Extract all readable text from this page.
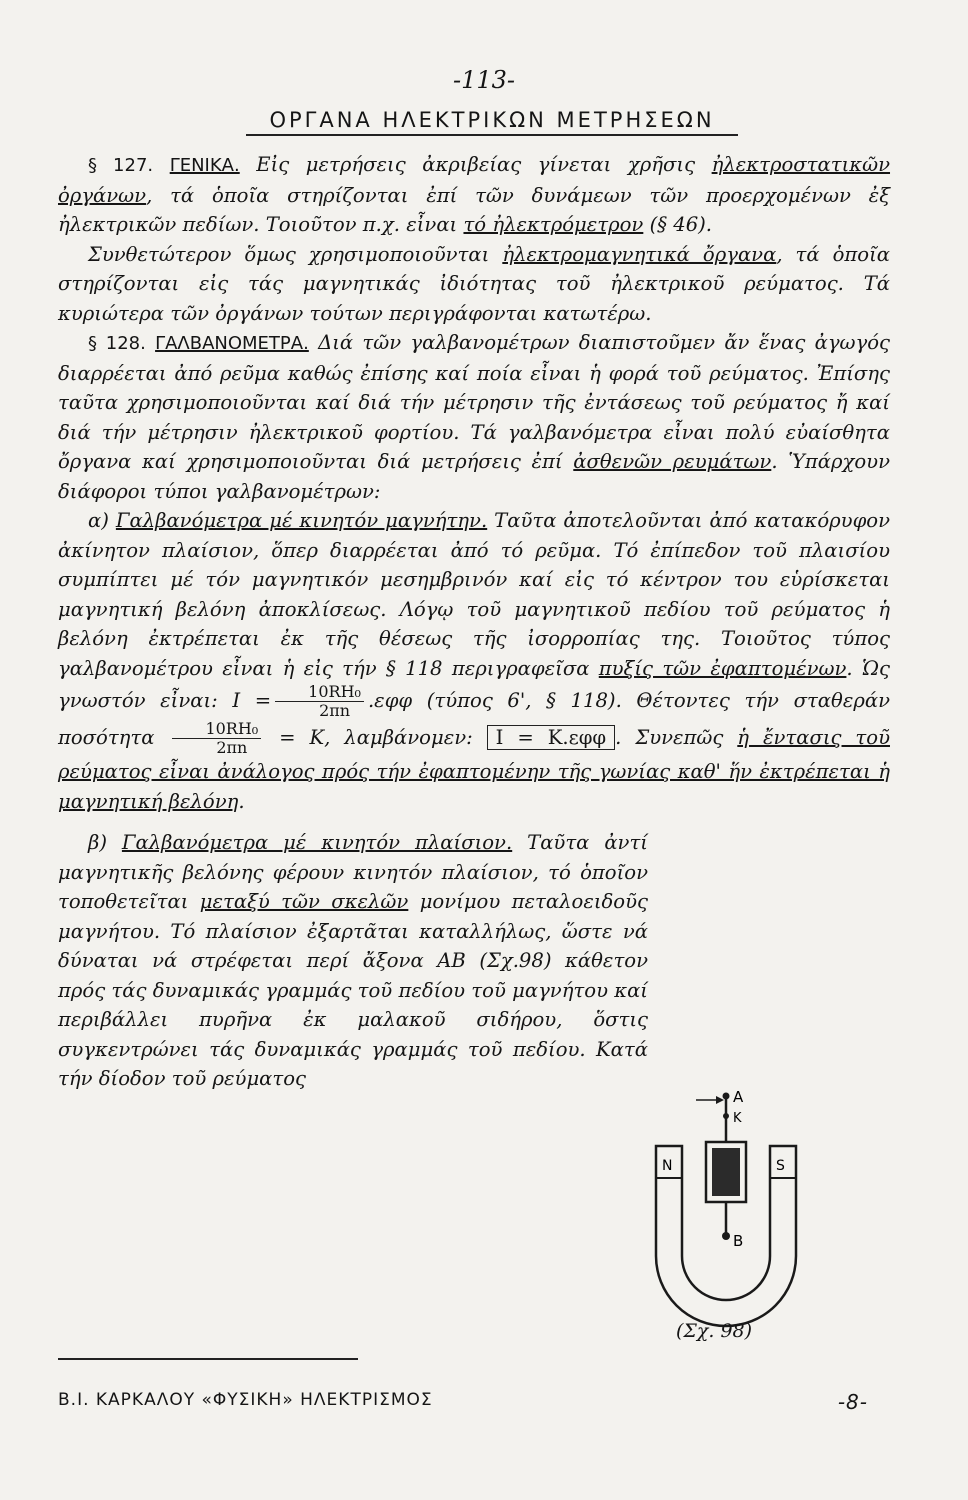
-113-
ΟΡΓΑΝΑ ΗΛΕΚΤΡΙΚΩΝ ΜΕΤΡΗΣΕΩΝ

§ 127. ΓΕΝΙΚΑ. Εἰς μετρήσεις ἀκριβείας γίνεται χρῆσις ἠλεκτροστατικῶν ὀργάνων, τά ὁποῖα στηρίζονται ἐπί τῶν δυνάμεων τῶν προερχομένων ἐξ ἠλεκτρικῶν πεδίων. Τοιοῦτον π.χ. εἶναι τό ἠλεκτρόμετρον (§ 46).

Συνθετώτερον ὅμως χρησιμοποιοῦνται ἠλεκτρομαγνητικά ὄργανα, τά ὁποῖα στηρίζονται εἰς τάς μαγνητικάς ἰδιότητας τοῦ ἠλεκτρικοῦ ρεύματος. Τά κυριώτερα τῶν ὀργάνων τούτων περιγράφονται κατωτέρω.

§ 128. ΓΑΛΒΑΝΟΜΕΤΡΑ. Διά τῶν γαλβανομέτρων διαπιστοῦμεν ἄν ἕνας ἀγωγός διαρρέεται ἀπό ρεῦμα καθώς ἐπίσης καί ποία εἶναι ἡ φορά τοῦ ρεύματος. Ἐπίσης ταῦτα χρησιμοποιοῦνται καί διά τήν μέτρησιν τῆς ἐντάσεως τοῦ ρεύματος ἤ καί διά τήν μέτρησιν ἠλεκτρικοῦ φορτίου. Τά γαλβανόμετρα εἶναι πολύ εὐαίσθητα ὄργανα καί χρησιμοποιοῦνται διά μετρήσεις ἐπί ἀσθενῶν ρευμάτων. Ὑπάρχουν διάφοροι τύποι γαλβανομέτρων:

α) Γαλβανόμετρα μέ κινητόν μαγνήτην. Ταῦτα ἀποτελοῦνται ἀπό κατακόρυφον ἀκίνητον πλαίσιον, ὅπερ διαρρέεται ἀπό τό ρεῦμα. Τό ἐπίπεδον τοῦ πλαισίου συμπίπτει μέ τόν μαγνητικόν μεσημβρινόν καί εἰς τό κέντρον του εὑρίσκεται μαγνητική βελόνη ἀποκλίσεως. Λόγῳ τοῦ μαγνητικοῦ πεδίου τοῦ ρεύματος ἡ βελόνη ἐκτρέπεται ἐκ τῆς θέσεως τῆς ἰσορροπίας της. Τοιοῦτος τύπος γαλβανομέτρου εἶναι ἡ εἰς τήν § 118 περιγραφεῖσα πυξίς τῶν ἐφαπτομένων. Ὡς γνωστόν εἶναι: $I = \frac{\text{10RH₀}}{2\pi n} .\varepsilon\varphi\varphi$ (τύπος 6', § 118). Θέτοντες τήν σταθεράν ποσότητα $\frac{\text{10RH₀}}{2\pi n} = K$, λαμβάνομεν: I = K.εφφ . Συνεπῶς ἡ ἔντασις τοῦ ρεύματος εἶναι ἀνάλογος πρός τήν ἐφαπτομένην τῆς γωνίας καθ' ἥν ἐκτρέπεται ἡ μαγνητική βελόνη.

β) Γαλβανόμετρα μέ κινητόν πλαίσιον. Ταῦτα ἀντί μαγνητικῆς βελόνης φέρουν κινητόν πλαίσιον, τό ὁποῖον τοποθετεῖται μεταξύ τῶν σκελῶν μονίμου πεταλοειδοῦς μαγνήτου. Τό πλαίσιον ἐξαρτᾶται καταλλήλως, ὥστε νά δύναται νά στρέφεται περί ἄξονα ΑΒ (Σχ.98) κάθετον πρός τάς δυναμικάς γραμμάς τοῦ πεδίου τοῦ μαγνήτου καί περιβάλλει πυρῆνα ἐκ μαλακοῦ σιδήρου, ὅστις συγκεντρώνει τάς δυναμικάς γραμμάς τοῦ πεδίου. Κατά τήν δίοδον τοῦ ρεύματος

A
K
B
N	S
(Σχ. 98)
Β.Ι. ΚΑΡΚΑΛΟΥ «ΦΥΣΙΚΗ» ΗΛΕΚΤΡΙΣΜΟΣ	-8-
